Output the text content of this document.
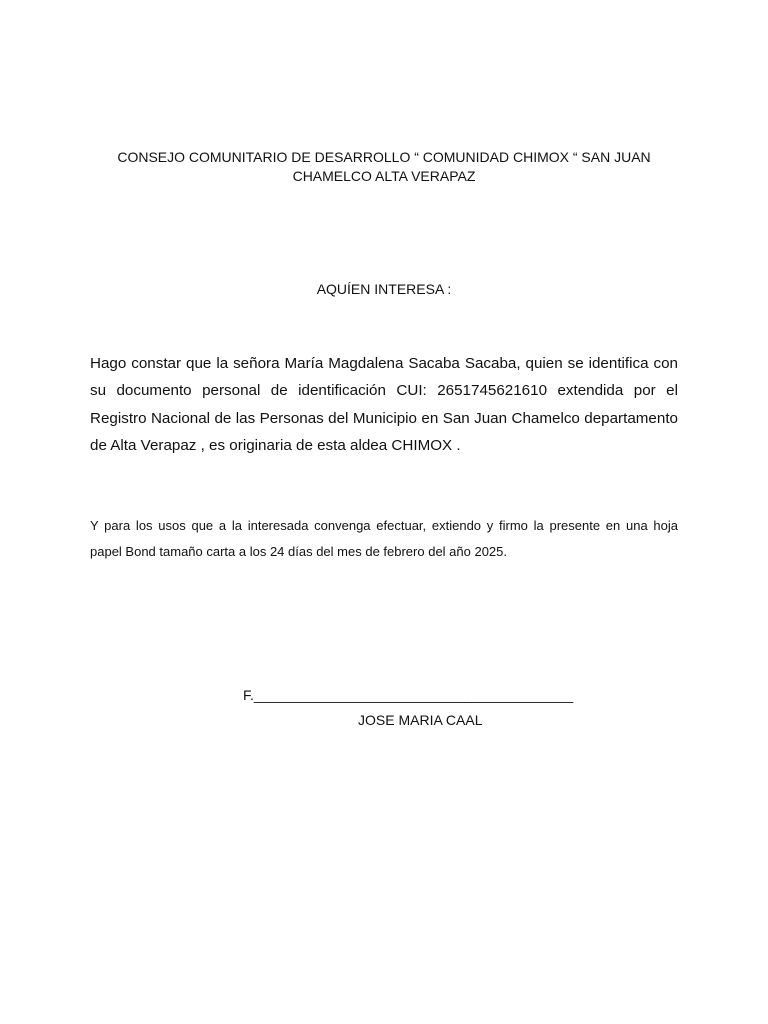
CONSEJO COMUNITARIO DE DESARROLLO “ COMUNIDAD CHIMOX “ SAN JUAN
CHAMELCO ALTA VERAPAZ
AQUÍEN INTERESA :
Hago constar que la señora María Magdalena Sacaba Sacaba, quien se identifica con
su documento personal de identificación CUI: 2651745621610 extendida por el
Registro Nacional de las Personas del Municipio en San Juan Chamelco departamento
de Alta Verapaz , es originaria de esta aldea CHIMOX .
Y para los usos que a la interesada convenga efectuar, extiendo y firmo la presente en una hoja
papel Bond tamaño carta a los 24 días del mes de febrero del año 2025.
F._________________________________________
JOSE MARIA CAAL
